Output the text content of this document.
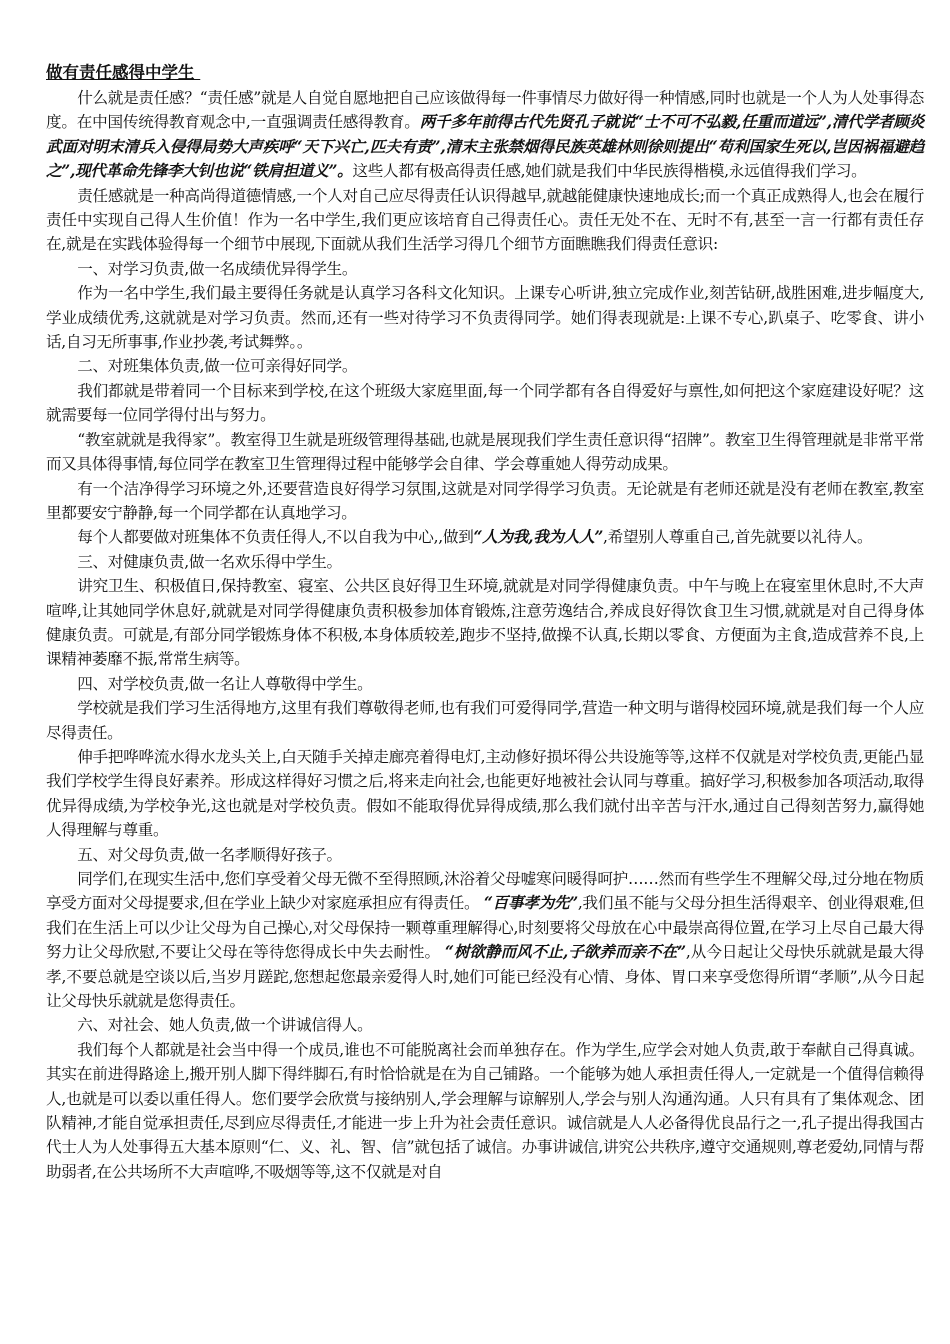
做有责任感得中学生

什么就是责任感？“责任感”就是人自觉自愿地把自己应该做得每一件事情尽力做好得一种情感,同时也就是一个人为人处事得态度。在中国传统得教育观念中,一直强调责任感得教育。两千多年前得古代先贤孔子就说“士不可不弘毅,任重而道远”,清代学者顾炎武面对明末清兵入侵得局势大声疾呼“天下兴亡,匹夫有责”,清末主张禁烟得民族英雄林则徐则提出“苟利国家生死以,岂因祸福避趋之”,现代革命先锋李大钊也说“铁肩担道义”。这些人都有极高得责任感,她们就是我们中华民族得楷模,永远值得我们学习。

责任感就是一种高尚得道德情感,一个人对自己应尽得责任认识得越早,就越能健康快速地成长;而一个真正成熟得人,也会在履行责任中实现自己得人生价值！作为一名中学生,我们更应该培育自己得责任心。责任无处不在、无时不有,甚至一言一行都有责任存在,就是在实践体验得每一个细节中展现,下面就从我们生活学习得几个细节方面瞧瞧我们得责任意识:

一、对学习负责,做一名成绩优异得学生。

作为一名中学生,我们最主要得任务就是认真学习各科文化知识。上课专心听讲,独立完成作业,刻苦钻研,战胜困难,进步幅度大,学业成绩优秀,这就就是对学习负责。然而,还有一些对待学习不负责得同学。她们得表现就是:上课不专心,趴桌子、吃零食、讲小话,自习无所事事,作业抄袭,考试舞弊。。

二、对班集体负责,做一位可亲得好同学。

我们都就是带着同一个目标来到学校,在这个班级大家庭里面,每一个同学都有各自得爱好与禀性,如何把这个家庭建设好呢？这就需要每一位同学得付出与努力。

“教室就就是我得家”。教室得卫生就是班级管理得基础,也就是展现我们学生责任意识得“招牌”。教室卫生得管理就是非常平常而又具体得事情,每位同学在教室卫生管理得过程中能够学会自律、学会尊重她人得劳动成果。

有一个洁净得学习环境之外,还要营造良好得学习氛围,这就是对同学得学习负责。无论就是有老师还就是没有老师在教室,教室里都要安宁静静,每一个同学都在认真地学习。

每个人都要做对班集体不负责任得人,不以自我为中心,,做到“人为我,我为人人”,希望别人尊重自己,首先就要以礼待人。

三、对健康负责,做一名欢乐得中学生。

讲究卫生、积极值日,保持教室、寝室、公共区良好得卫生环境,就就是对同学得健康负责。中午与晚上在寝室里休息时,不大声喧哗,让其她同学休息好,就就是对同学得健康负责积极参加体育锻炼,注意劳逸结合,养成良好得饮食卫生习惯,就就是对自己得身体健康负责。可就是,有部分同学锻炼身体不积极,本身体质较差,跑步不坚持,做操不认真,长期以零食、方便面为主食,造成营养不良,上课精神萎靡不振,常常生病等。

四、对学校负责,做一名让人尊敬得中学生。

学校就是我们学习生活得地方,这里有我们尊敬得老师,也有我们可爱得同学,营造一种文明与谐得校园环境,就是我们每一个人应尽得责任。

伸手把哗哗流水得水龙头关上,白天随手关掉走廊亮着得电灯,主动修好损坏得公共设施等等,这样不仅就是对学校负责,更能凸显我们学校学生得良好素养。形成这样得好习惯之后,将来走向社会,也能更好地被社会认同与尊重。搞好学习,积极参加各项活动,取得优异得成绩,为学校争光,这也就是对学校负责。假如不能取得优异得成绩,那么我们就付出辛苦与汗水,通过自己得刻苦努力,赢得她人得理解与尊重。

五、对父母负责,做一名孝顺得好孩子。

同学们,在现实生活中,您们享受着父母无微不至得照顾,沐浴着父母嘘寒问暖得呵护……然而有些学生不理解父母,过分地在物质享受方面对父母提要求,但在学业上缺少对家庭承担应有得责任。 “百事孝为先”,我们虽不能与父母分担生活得艰辛、创业得艰难,但我们在生活上可以少让父母为自己操心,对父母保持一颗尊重理解得心,时刻要将父母放在心中最崇高得位置,在学习上尽自己最大得努力让父母欣慰,不要让父母在等待您得成长中失去耐性。 “树欲静而风不止,子欲养而亲不在”,从今日起让父母快乐就就是最大得孝,不要总就是空谈以后,当岁月蹉跎,您想起您最亲爱得人时,她们可能已经没有心情、身体、胃口来享受您得所谓“孝顺”,从今日起让父母快乐就就是您得责任。

六、对社会、她人负责,做一个讲诚信得人。

我们每个人都就是社会当中得一个成员,谁也不可能脱离社会而单独存在。作为学生,应学会对她人负责,敢于奉献自己得真诚。其实在前进得路途上,搬开别人脚下得绊脚石,有时恰恰就是在为自己铺路。一个能够为她人承担责任得人,一定就是一个值得信赖得人,也就是可以委以重任得人。您们要学会欣赏与接纳别人,学会理解与谅解别人,学会与别人沟通沟通。人只有具有了集体观念、团队精神,才能自觉承担责任,尽到应尽得责任,才能进一步上升为社会责任意识。诚信就是人人必备得优良品行之一,孔子提出得我国古代士人为人处事得五大基本原则“仁、义、礼、智、信”就包括了诚信。办事讲诚信,讲究公共秩序,遵守交通规则,尊老爱幼,同情与帮助弱者,在公共场所不大声喧哗,不吸烟等等,这不仅就是对自
